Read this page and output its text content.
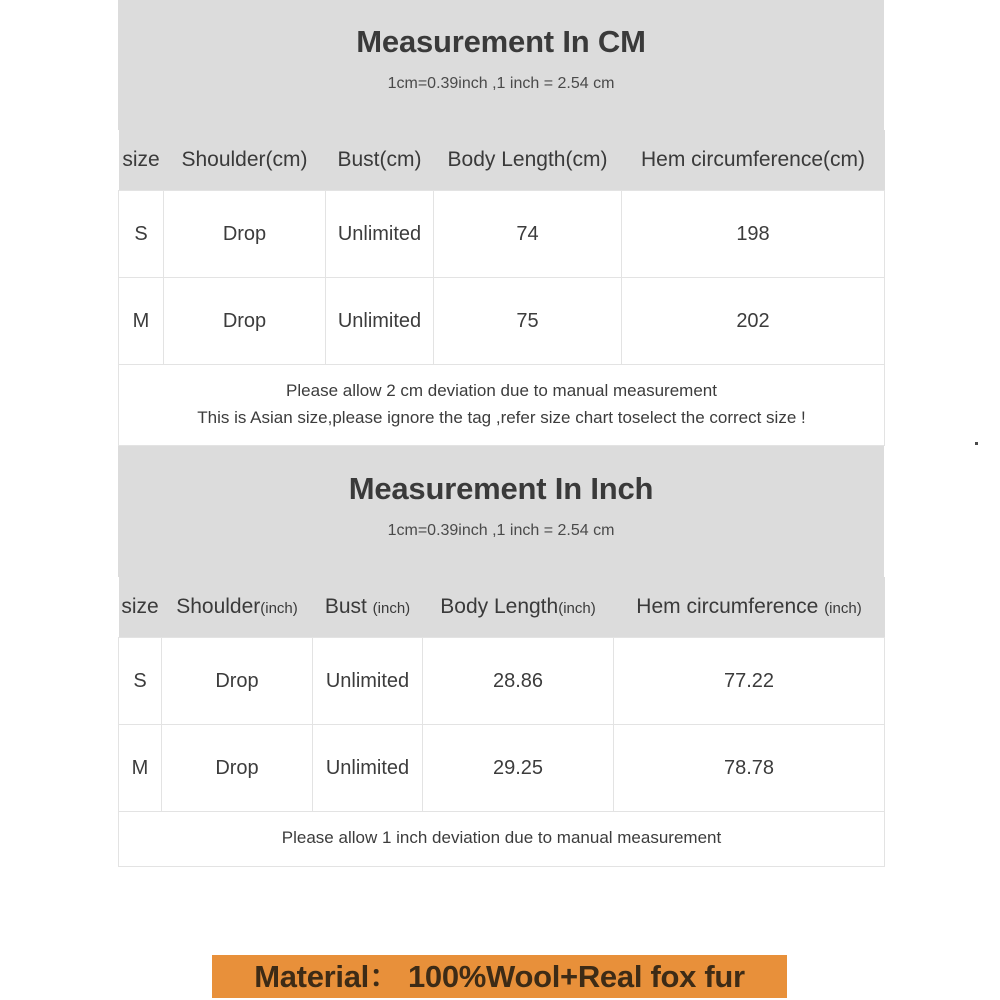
Measurement In CM
1cm=0.39inch ,1 inch = 2.54 cm
size	Shoulder(cm)	Bust(cm)	Body Length(cm)	Hem circumference(cm)
S	Drop	Unlimited	74	198
M	Drop	Unlimited	75	202

Please allow 2 cm deviation due to manual measurement
This is Asian size,please ignore the tag ,refer size chart toselect the correct size !				
Measurement In Inch
1cm=0.39inch ,1 inch = 2.54 cm
size	Shoulder(inch)	Bust (inch)	Body Length(inch)	Hem circumference (inch)
S	Drop	Unlimited	28.86	77.22
M	Drop	Unlimited	29.25	78.78

Please allow 1 inch deviation due to manual measurement				
Material： 100%Wool+Real fox fur
